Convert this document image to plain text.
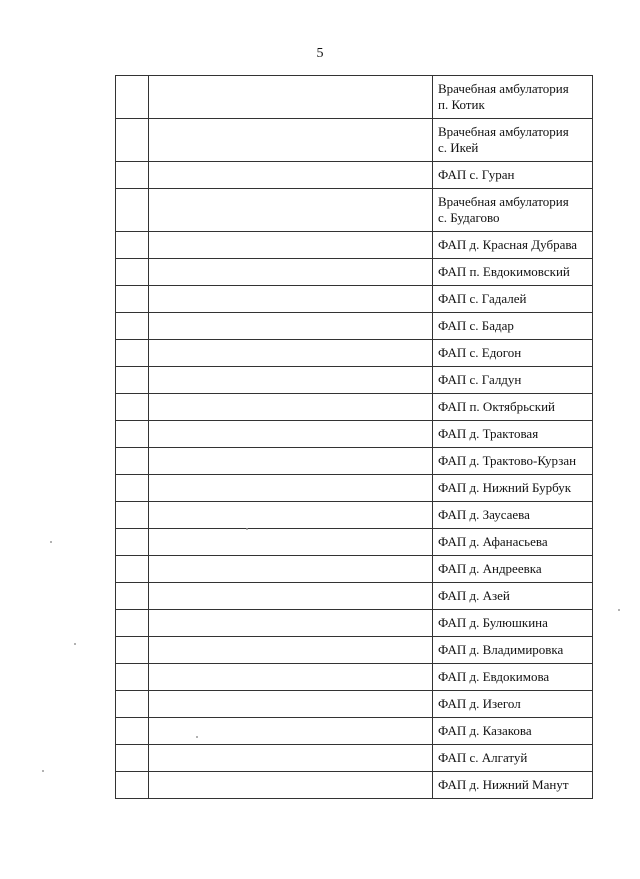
5
		Врачебная амбулатория
п. Котик
		Врачебная амбулатория
с. Икей
		ФАП с. Гуран
		Врачебная амбулатория
с. Будагово
		ФАП д. Красная Дубрава
		ФАП п. Евдокимовский
		ФАП с. Гадалей
		ФАП с. Бадар
		ФАП с. Едогон
		ФАП с. Галдун
		ФАП п. Октябрьский
		ФАП д. Трактовая
		ФАП д. Трактово-Курзан
		ФАП д. Нижний Бурбук
		ФАП д. Заусаева
		ФАП д. Афанасьева
		ФАП д. Андреевка
		ФАП д. Азей
		ФАП д. Булюшкина
		ФАП д. Владимировка
		ФАП д. Евдокимова
		ФАП д. Изегол
		ФАП д. Казакова
		ФАП с. Алгатуй
		ФАП д. Нижний Манут
